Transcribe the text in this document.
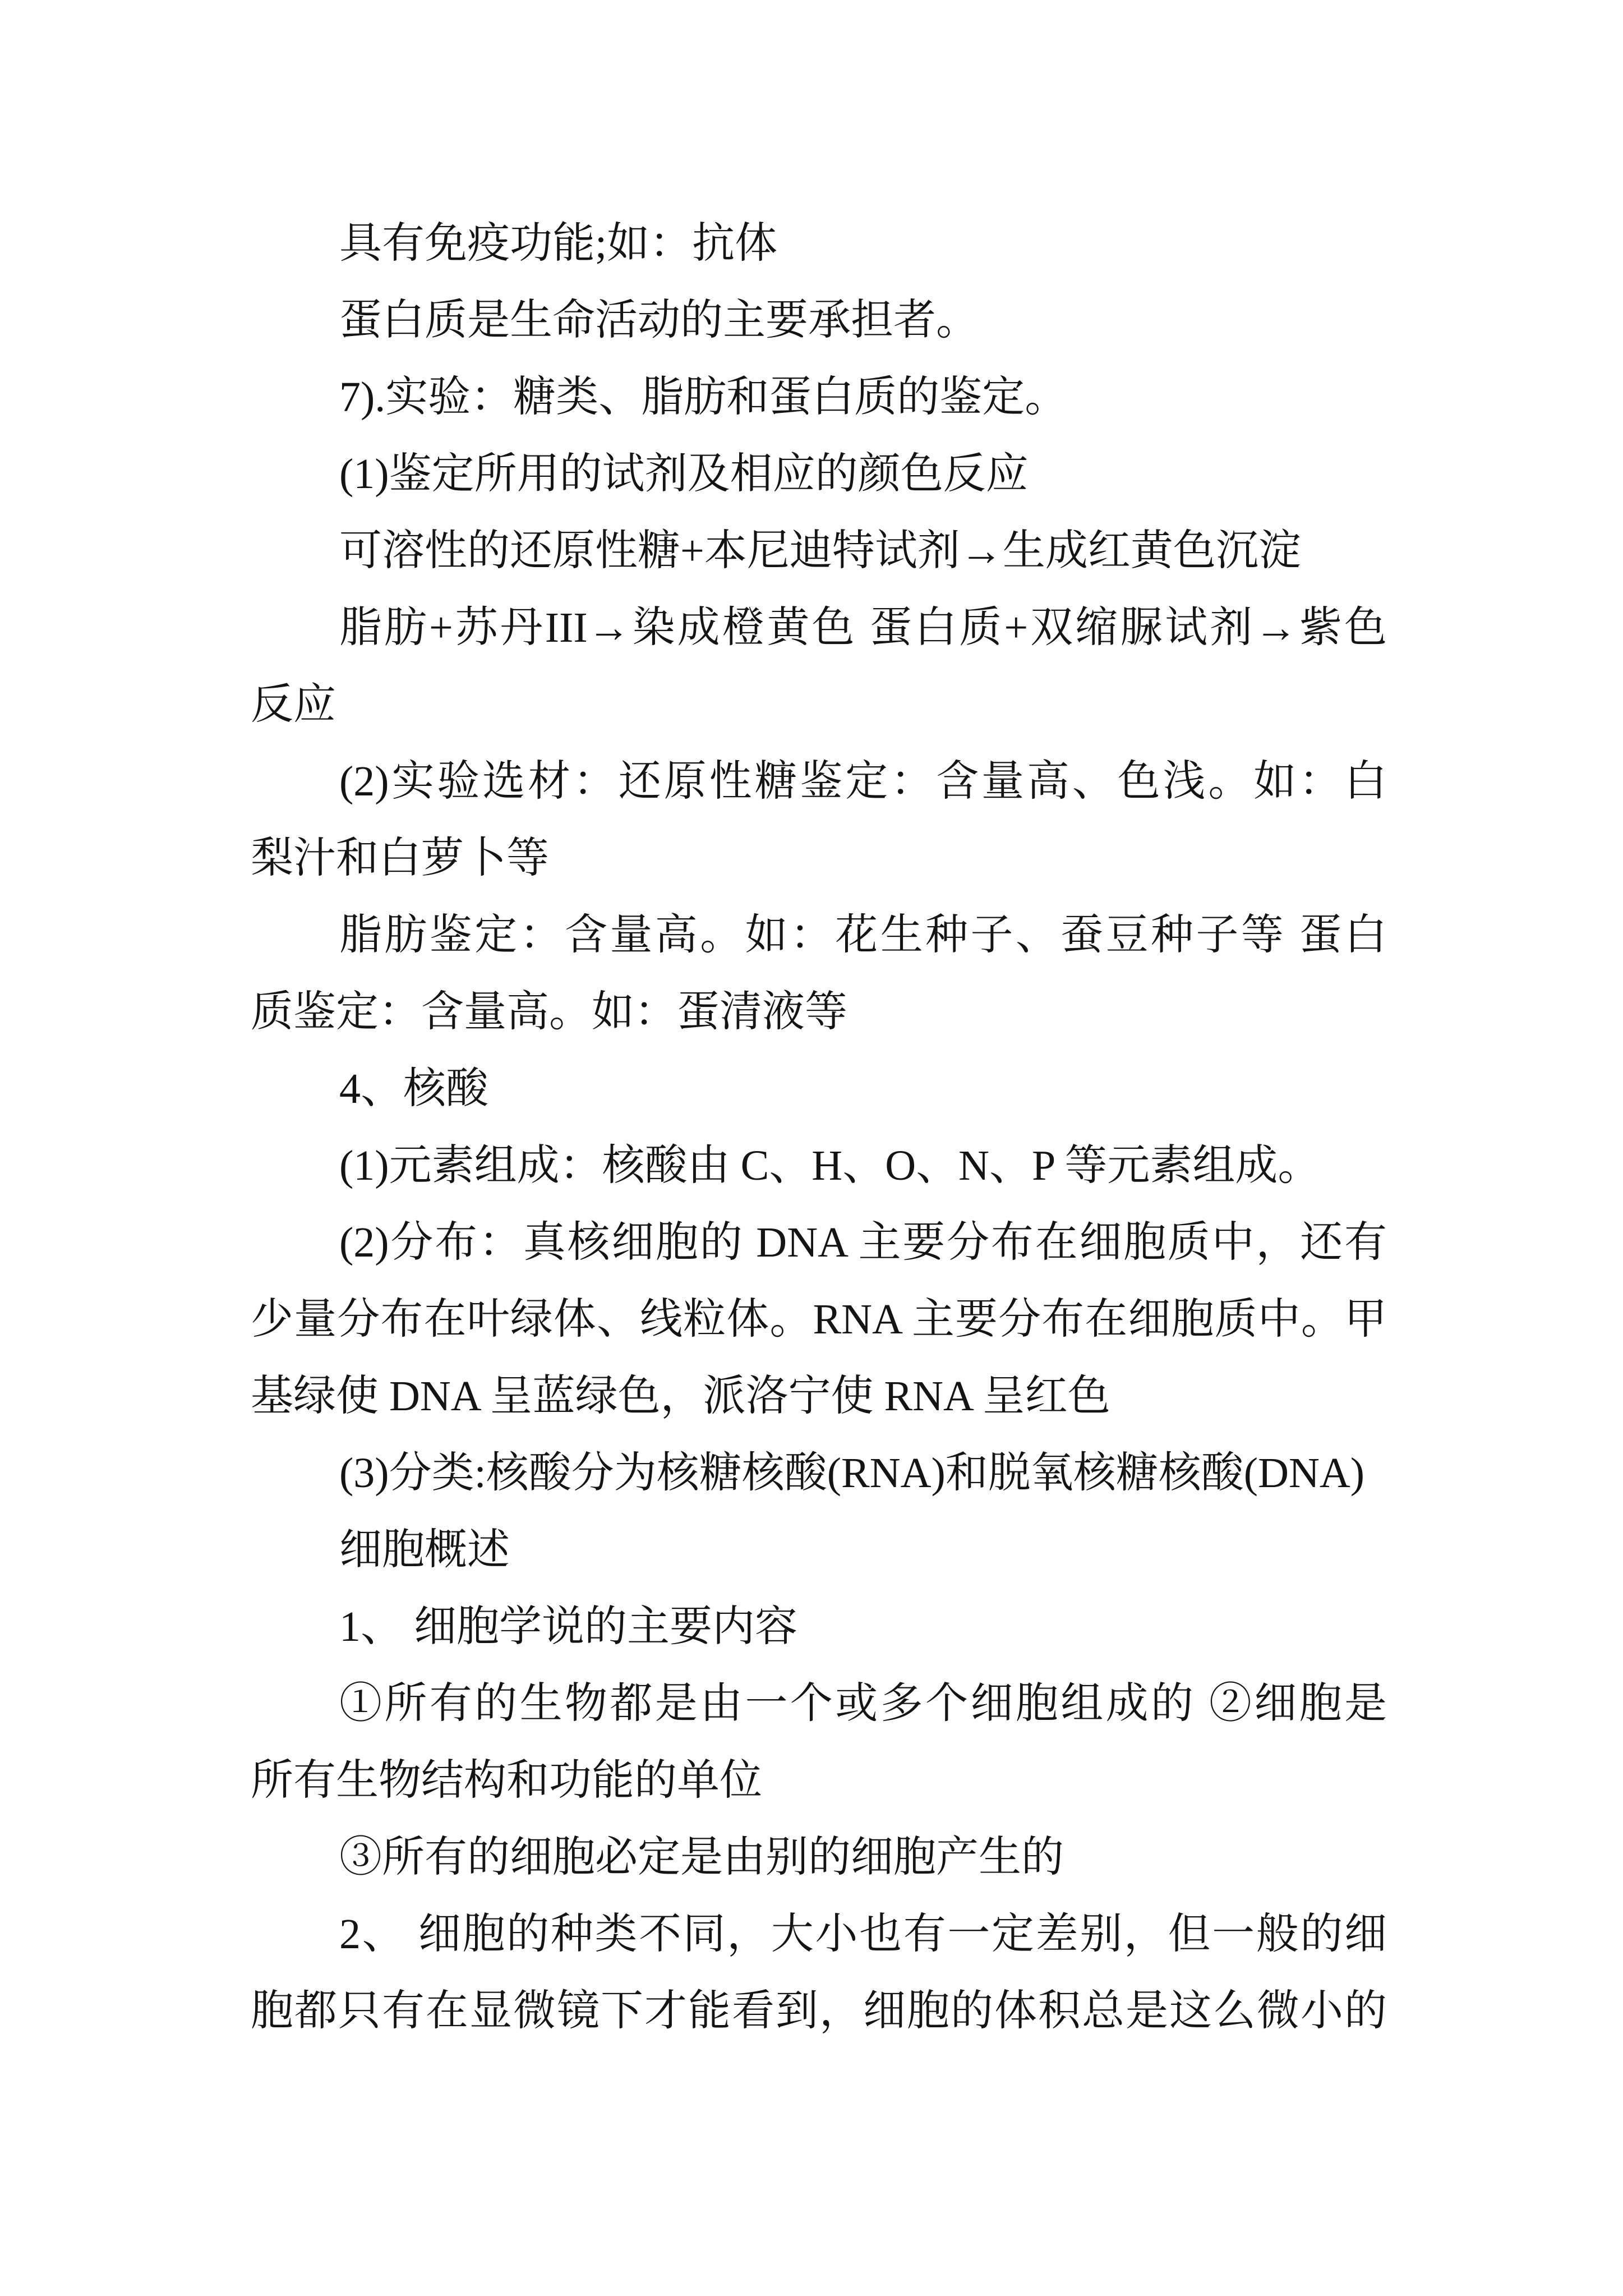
具有免疫功能;如：抗体
蛋白质是生命活动的主要承担者。
7).实验：糖类、脂肪和蛋白质的鉴定。
(1)鉴定所用的试剂及相应的颜色反应
可溶性的还原性糖+本尼迪特试剂→生成红黄色沉淀
脂肪+苏丹III→染成橙黄色 蛋白质+双缩脲试剂→紫色
反应
(2)实验选材：还原性糖鉴定：含量高、色浅。如：白
梨汁和白萝卜等
脂肪鉴定：含量高。如：花生种子、蚕豆种子等 蛋白
质鉴定：含量高。如：蛋清液等
4、核酸
(1)元素组成：核酸由 C、H、O、N、P 等元素组成。
(2)分布：真核细胞的 DNA 主要分布在细胞质中，还有
少量分布在叶绿体、线粒体。RNA 主要分布在细胞质中。甲
基绿使 DNA 呈蓝绿色，派洛宁使 RNA 呈红色
(3)分类:核酸分为核糖核酸(RNA)和脱氧核糖核酸(DNA)
细胞概述
1、 细胞学说的主要内容
①所有的生物都是由一个或多个细胞组成的 ②细胞是
所有生物结构和功能的单位
③所有的细胞必定是由别的细胞产生的
2、 细胞的种类不同，大小也有一定差别，但一般的细
胞都只有在显微镜下才能看到，细胞的体积总是这么微小的
